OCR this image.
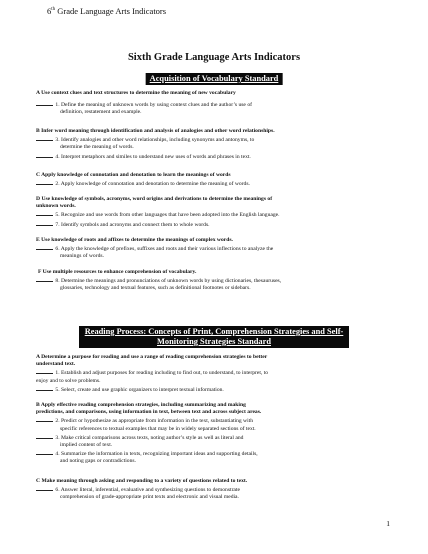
6th Grade Language Arts Indicators
Sixth Grade Language Arts Indicators
Acquisition of Vocabulary Standard
A Use context clues and text structures to determine the meaning of new vocabulary
1. Define the meaning of unknown words by using context clues and the author’s use of
definition, restatement and example.
B Infer word meaning through identification and analysis of analogies and other word relationships.
3. Identify analogies and other word relationships, including synonyms and antonyms, to
determine the meaning of words.
4. Interpret metaphors and similes to understand new uses of words and phrases in text.
C Apply knowledge of connotation and denotation to learn the meanings of words
2. Apply knowledge of connotation and denotation to determine the meaning of words.
D Use knowledge of symbols, acronyms, word origins and derivations to determine the meanings of
unknown words.
5. Recognize and use words from other languages that have been adopted into the English language.
7. Identify symbols and acronyms and connect them to whole words.
E Use knowledge of roots and affixes to determine the meanings of complex words.
6. Apply the knowledge of prefixes, suffixes and roots and their various inflections to analyze the
meanings of words.
F Use multiple resources to enhance comprehension of vocabulary.
8. Determine the meanings and pronunciations of unknown words by using dictionaries, thesauruses,
glossaries, technology and textual features, such as definitional footnotes or sidebars.
Reading Process: Concepts of Print, Comprehension Strategies and Self-Monitoring Strategies Standard
A Determine a purpose for reading and use a range of reading comprehension strategies to better
understand text.
1. Establish and adjust purposes for reading including to find out, to understand, to interpret, to
enjoy and to solve problems.
5. Select, create and use graphic organizers to interpret textual information.
B Apply effective reading comprehension strategies, including summarizing and making
predictions, and comparisons, using information in text, between text and across subject areas.
2. Predict or hypothesize as appropriate from information in the text, substantiating with
specific references to textual examples that may be in widely separated sections of text.
3. Make critical comparisons across texts, noting author’s style as well as literal and
implied content of text.
4. Summarize the information in texts, recognizing important ideas and supporting details,
and noting gaps or contradictions.
C Make meaning through asking and responding to a variety of questions related to text.
6. Answer literal, inferential, evaluative and synthesizing questions to demonstrate
comprehension of grade-appropriate print texts and electronic and visual media.
1
